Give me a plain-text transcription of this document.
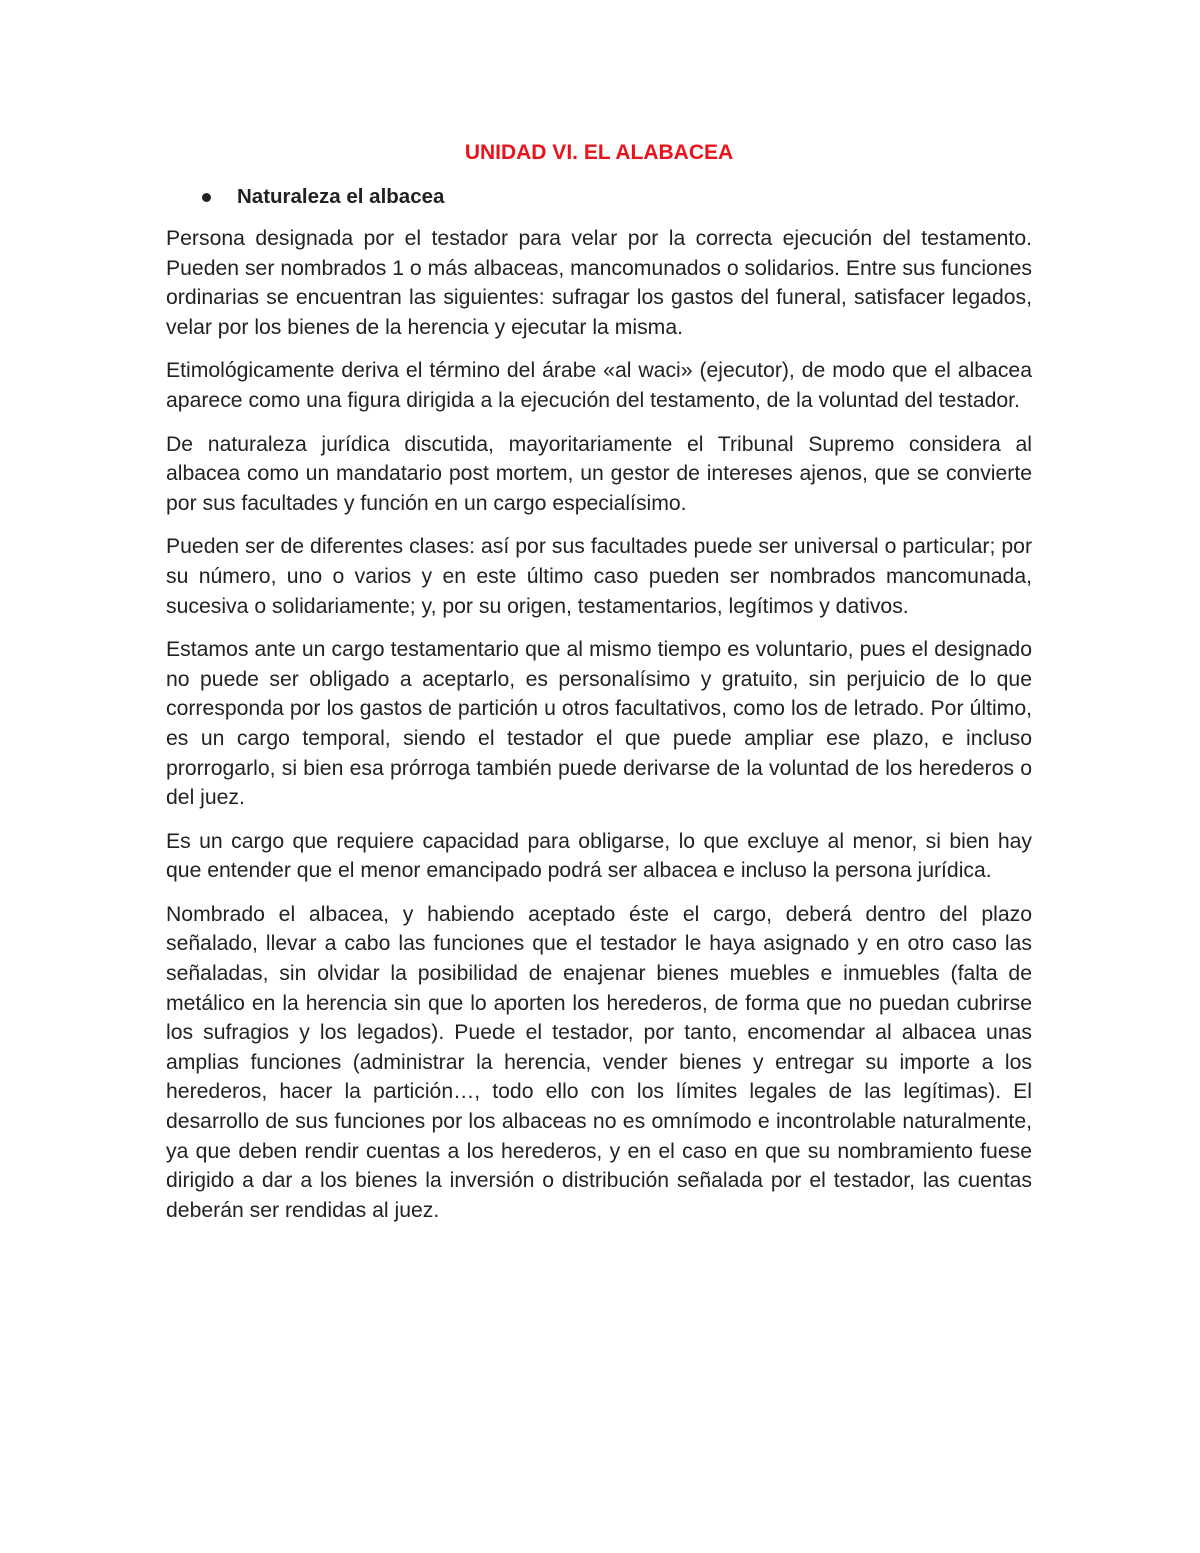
UNIDAD VI. EL ALABACEA
Naturaleza el albacea

Persona designada por el testador para velar por la correcta ejecución del testamento. Pueden ser nombrados 1 o más albaceas, mancomunados o solidarios. Entre sus funciones ordinarias se encuentran las siguientes: sufragar los gastos del funeral, satisfacer legados, velar por los bienes de la herencia y ejecutar la misma.

Etimológicamente deriva el término del árabe «al waci» (ejecutor), de modo que el albacea aparece como una figura dirigida a la ejecución del testamento, de la voluntad del testador.

De naturaleza jurídica discutida, mayoritariamente el Tribunal Supremo considera al albacea como un mandatario post mortem, un gestor de intereses ajenos, que se convierte por sus facultades y función en un cargo especialísimo.

Pueden ser de diferentes clases: así por sus facultades puede ser universal o particular; por su número, uno o varios y en este último caso pueden ser nombrados mancomunada, sucesiva o solidariamente; y, por su origen, testamentarios, legítimos y dativos.

Estamos ante un cargo testamentario que al mismo tiempo es voluntario, pues el designado no puede ser obligado a aceptarlo, es personalísimo y gratuito, sin perjuicio de lo que corresponda por los gastos de partición u otros facultativos, como los de letrado. Por último, es un cargo temporal, siendo el testador el que puede ampliar ese plazo, e incluso prorrogarlo, si bien esa prórroga también puede derivarse de la voluntad de los herederos o del juez.

Es un cargo que requiere capacidad para obligarse, lo que excluye al menor, si bien hay que entender que el menor emancipado podrá ser albacea e incluso la persona jurídica.

Nombrado el albacea, y habiendo aceptado éste el cargo, deberá dentro del plazo señalado, llevar a cabo las funciones que el testador le haya asignado y en otro caso las señaladas, sin olvidar la posibilidad de enajenar bienes muebles e inmuebles (falta de metálico en la herencia sin que lo aporten los herederos, de forma que no puedan cubrirse los sufragios y los legados). Puede el testador, por tanto, encomendar al albacea unas amplias funciones (administrar la herencia, vender bienes y entregar su importe a los herederos, hacer la partición…, todo ello con los límites legales de las legítimas). El desarrollo de sus funciones por los albaceas no es omnímodo e incontrolable naturalmente, ya que deben rendir cuentas a los herederos, y en el caso en que su nombramiento fuese dirigido a dar a los bienes la inversión o distribución señalada por el testador, las cuentas deberán ser rendidas al juez.
